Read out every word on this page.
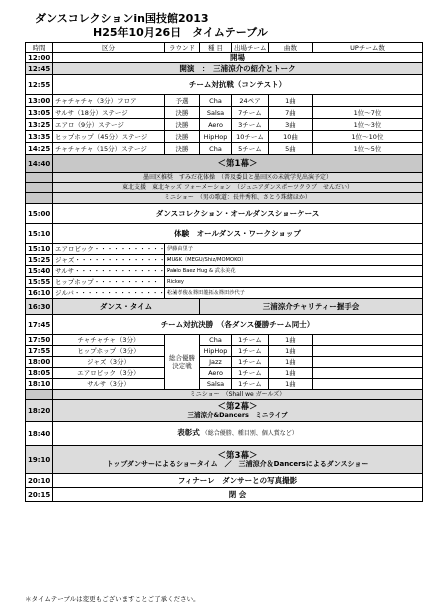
ダンスコレクションin国技館2013
H25年10月26日　タイムテーブル
時間	区分	ラウンド	種 目	出場チーム	曲数	UPチーム数
12:00	開場					
12:45	開演　：　三浦涼介の紹介とトーク					
12:55	チーム対抗戦（コンテスト）					
13:00	チャチャチャ（3分）フロア	予選	Cha	24ペア	1曲	
13:05	サルサ（18分）ステージ	決勝	Salsa	7チーム	7曲	1位～7位
13:25	エアロ（9分）ステージ	決勝	Aero	3チーム	3曲	1位～3位
13:35	ヒップホップ（45分）ステージ	決勝	HipHop	10チーム	10曲	1位～10位
14:25	チャチャチャ（15分）ステージ	決勝	Cha	5チーム	5曲	1位～5位
14:40	＜第1幕＞					
	墨田区推奨　すみだ花体操　（普及委員と墨田区の未就学児出演予定）					
	東北支援　東北キッズ フォーメーション　（ジュニアダンスポーツクラブ　せんだい）					
	ミニショー　（男の歌道：長井秀和、さとう珠緒ほか）					
15:00	ダンスコレクション・オールダンスショーケース					
15:10	体験　オールダンス・ワークショップ					
15:10	エアロビック・・・・・・・・・・・	伊藤由里子				
15:25	ジャズ・・・・・・・・・・・・・・・・	MUSK（MEGU/Shiz/MOMOKO）				
15:40	サルサ・・・・・・・・・・・・・・・・	Pablo Baez Hug & 武永美花				
15:55	ヒップホップ・・・・・・・・・・	Rickey				
16:10	ジルバ・・・・・・・・・・・・・・・・	松浦孝俊＆篠田龍拓＆篠田沙代子				
16:30	ダンス・タイム		三浦涼介チャリティー握手会			
17:45	チーム対抗決勝　（各ダンス優勝チーム同士）					
17:50	チャチャチャ（3分）	総合優勝決定戦	Cha	1チーム	1曲	
17:55	ヒップホップ（3分）		HipHop	1チーム	1曲	
18:00	ジャズ（3分）		Jazz	1チーム	1曲	
18:05	エアロビック（3分）		Aero	1チーム	1曲	
18:10	サルサ（3分）		Salsa	1チーム	1曲	
	ミニショー　（Shall we ガールズ）					
18:20	＜第2幕＞
三浦涼介&Dancers　ミニライブ					

18:40	表彰式 （総合優勝、種目別、個人賞など）					
19:10	＜第3幕＞
トップダンサーによるショータイム　／　三浦涼介＆Dancersによるダンスショー					

20:10	フィナーレ　ダンサーとの写真撮影					
20:15	閉 会					
＊タイムテーブルは変更もございますことご了承ください。
